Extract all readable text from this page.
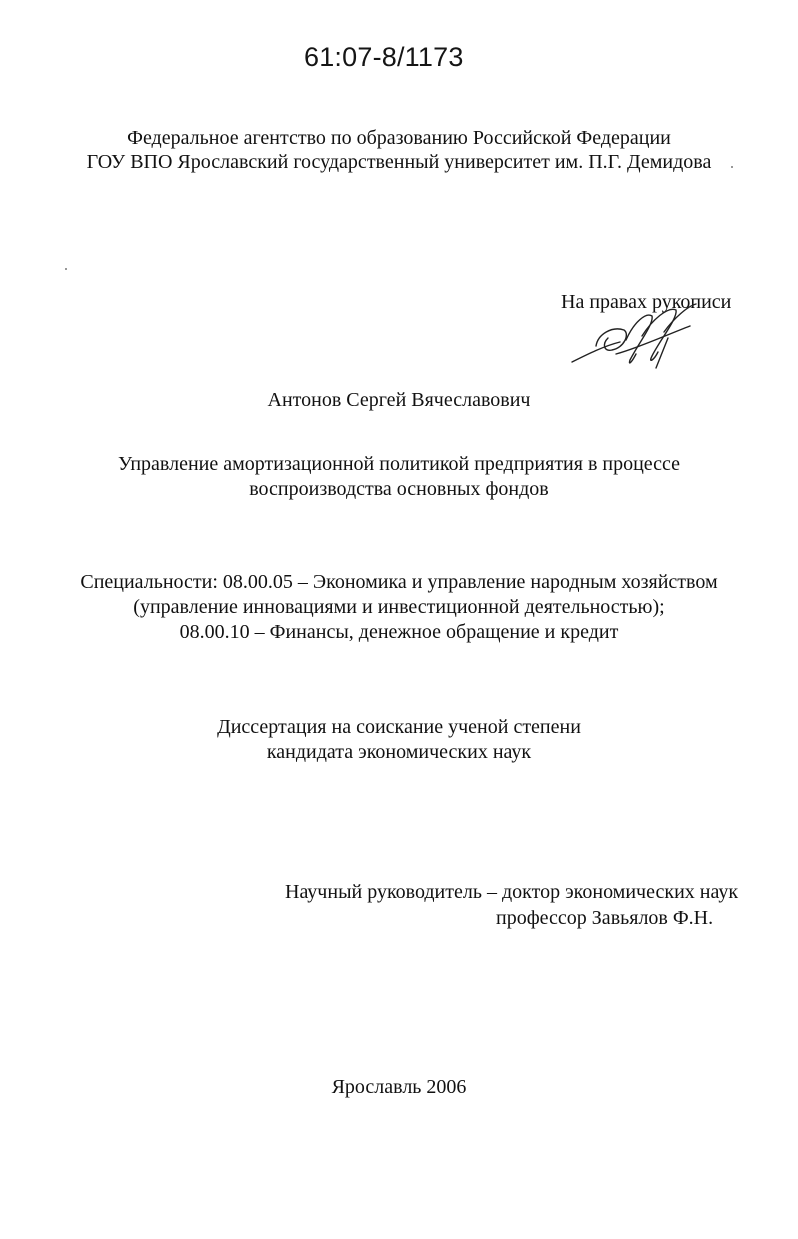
61:07-8/1173
Федеральное агентство по образованию Российской Федерации
ГОУ ВПО Ярославский государственный университет им. П.Г. Демидова
На правах рукописи
Антонов Сергей Вячеславович
Управление амортизационной политикой предприятия в процессе
воспроизводства основных фондов
Специальности: 08.00.05 – Экономика и управление народным хозяйством
(управление инновациями и инвестиционной деятельностью);
08.00.10 – Финансы, денежное обращение и кредит
Диссертация на соискание ученой степени
кандидата экономических наук
Научный руководитель – доктор экономических наук
профессор Завьялов Ф.Н.
Ярославль 2006
